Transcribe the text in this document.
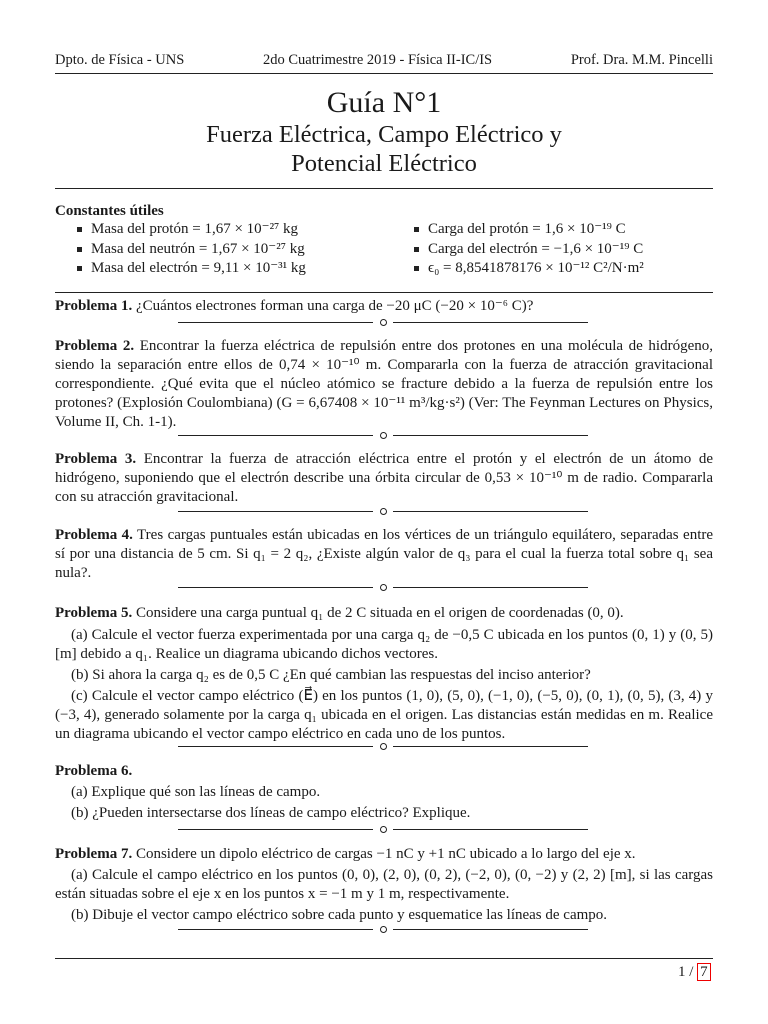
Dpto. de Física - UNS	2do Cuatrimestre 2019 - Física II-IC/IS	Prof. Dra. M.M. Pincelli
Guía N°1
Fuerza Eléctrica, Campo Eléctrico y
Potencial Eléctrico
Constantes útiles
Masa del protón = 1,67 × 10⁻²⁷ kg
Masa del neutrón = 1,67 × 10⁻²⁷ kg
Masa del electrón = 9,11 × 10⁻³¹ kg
Carga del protón = 1,6 × 10⁻¹⁹ C
Carga del electrón = −1,6 × 10⁻¹⁹ C
ϵ₀ = 8,8541878176 × 10⁻¹² C²/N·m²
Problema 1. ¿Cuántos electrones forman una carga de −20 μC (−20 × 10⁻⁶ C)?
Problema 2. Encontrar la fuerza eléctrica de repulsión entre dos protones en una molécula de hidrógeno, siendo la separación entre ellos de 0,74 × 10⁻¹⁰ m. Compararla con la fuerza de atracción gravitacional correspondiente. ¿Qué evita que el núcleo atómico se fracture debido a la fuerza de repulsión entre los protones? (Explosión Coulombiana) (G = 6,67408 × 10⁻¹¹ m³/kg·s²) (Ver: The Feynman Lectures on Physics, Volume II, Ch. 1-1).
Problema 3. Encontrar la fuerza de atracción eléctrica entre el protón y el electrón de un átomo de hidrógeno, suponiendo que el electrón describe una órbita circular de 0,53 × 10⁻¹⁰ m de radio. Compararla con su atracción gravitacional.
Problema 4. Tres cargas puntuales están ubicadas en los vértices de un triángulo equilátero, separadas entre sí por una distancia de 5 cm. Si q₁ = 2 q₂, ¿Existe algún valor de q₃ para el cual la fuerza total sobre q₁ sea nula?.
Problema 5. Considere una carga puntual q₁ de 2 C situada en el origen de coordenadas (0, 0).
(a) Calcule el vector fuerza experimentada por una carga q₂ de −0,5 C ubicada en los puntos (0, 1) y (0, 5) [m] debido a q₁. Realice un diagrama ubicando dichos vectores.
(b) Si ahora la carga q₂ es de 0,5 C ¿En qué cambian las respuestas del inciso anterior?
(c) Calcule el vector campo eléctrico (E⃗) en los puntos (1, 0), (5, 0), (−1, 0), (−5, 0), (0, 1), (0, 5), (3, 4) y (−3, 4), generado solamente por la carga q₁ ubicada en el origen. Las distancias están medidas en m. Realice un diagrama ubicando el vector campo eléctrico en cada uno de los puntos.
Problema 6.
(a) Explique qué son las líneas de campo.
(b) ¿Pueden intersectarse dos líneas de campo eléctrico? Explique.
Problema 7. Considere un dipolo eléctrico de cargas −1 nC y +1 nC ubicado a lo largo del eje x.
(a) Calcule el campo eléctrico en los puntos (0, 0), (2, 0), (0, 2), (−2, 0), (0, −2) y (2, 2) [m], si las cargas están situadas sobre el eje x en los puntos x = −1 m y 1 m, respectivamente.
(b) Dibuje el vector campo eléctrico sobre cada punto y esquematice las líneas de campo.
1 / 7
